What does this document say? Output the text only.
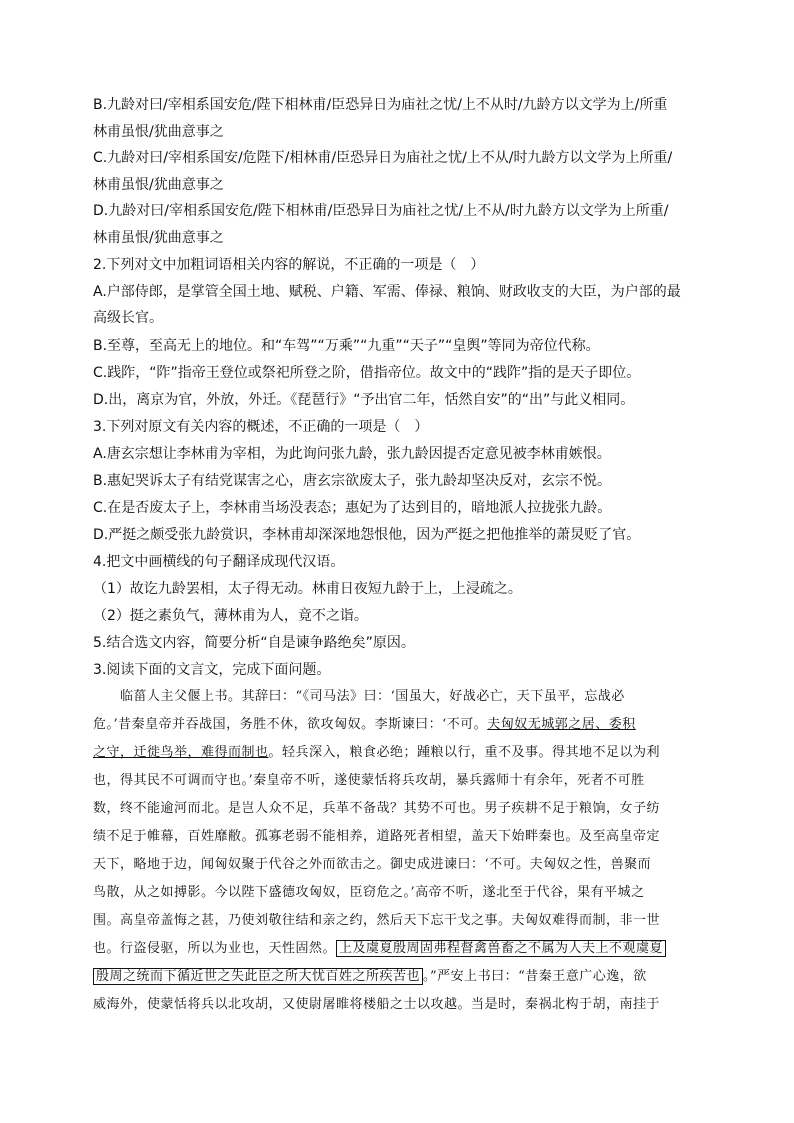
B.九龄对曰/宰相系国安危/陛下相林甫/臣恐异日为庙社之忧/上不从时/九龄方以文学为上/所重
林甫虽恨/犹曲意事之
C.九龄对曰/宰相系国安/危陛下/相林甫/臣恐异日为庙社之忧/上不从/时九龄方以文学为上所重/
林甫虽恨/犹曲意事之
D.九龄对曰/宰相系国安危/陛下相林甫/臣恐异日为庙社之忧/上不从/时九龄方以文学为上所重/
林甫虽恨/犹曲意事之
2.下列对文中加粗词语相关内容的解说，不正确的一项是（　）
A.户部侍郎，是掌管全国土地、赋税、户籍、军需、俸禄、粮饷、财政收支的大臣，为户部的最
高级长官。
B.至尊，至高无上的地位。和“车驾”“万乘”“九重”“天子”“皇舆”等同为帝位代称。
C.践阼，“阼”指帝王登位或祭祀所登之阶，借指帝位。故文中的“践阼”指的是天子即位。
D.出，离京为官，外放，外迁。《琵琶行》“予出官二年，恬然自安”的“出”与此义相同。
3.下列对原文有关内容的概述，不正确的一项是（　）
A.唐玄宗想让李林甫为宰相，为此询问张九龄，张九龄因提否定意见被李林甫嫉恨。
B.惠妃哭诉太子有结党谋害之心，唐玄宗欲废太子，张九龄却坚决反对，玄宗不悦。
C.在是否废太子上，李林甫当场没表态；惠妃为了达到目的，暗地派人拉拢张九龄。
D.严挺之颇受张九龄赏识，李林甫却深深地怨恨他，因为严挺之把他推举的萧炅贬了官。
4.把文中画横线的句子翻译成现代汉语。
（1）故讫九龄罢相，太子得无动。林甫日夜短九龄于上，上浸疏之。
（2）挺之素负气，薄林甫为人，竟不之诣。
5.结合选文内容，简要分析“自是谏争路绝矣”原因。
3.阅读下面的文言文，完成下面问题。
　　临菑人主父偃上书。其辞曰：“《司马法》曰：‘国虽大，好战必亡，天下虽平，忘战必
危。’昔秦皇帝并吞战国，务胜不休，欲攻匈奴。李斯谏曰：‘不可。夫匈奴无城郭之居、委积
之守，迁徙鸟举，难得而制也。轻兵深入，粮食必绝；踵粮以行，重不及事。得其地不足以为利
也，得其民不可调而守也。’秦皇帝不听，遂使蒙恬将兵攻胡，暴兵露师十有余年，死者不可胜
数，终不能逾河而北。是岂人众不足，兵革不备哉？其势不可也。男子疾耕不足于粮饷，女子纺
绩不足于帷幕，百姓靡敝。孤寡老弱不能相养，道路死者相望，盖天下始畔秦也。及至高皇帝定
天下，略地于边，闻匈奴聚于代谷之外而欲击之。御史成进谏曰：‘不可。夫匈奴之性，兽聚而
鸟散，从之如搏影。今以陛下盛德攻匈奴，臣窃危之。’高帝不听，遂北至于代谷，果有平城之
围。高皇帝盖悔之甚，乃使刘敬往结和亲之约，然后天下忘干戈之事。夫匈奴难得而制，非一世
也。行盗侵驱，所以为业也，天性固然。 上及虞夏殷周固弗程督禽兽畜之不属为人夫上不观虞夏
殷周之统而下循近世之失此臣之所大忧百姓之所疾苦也 。”严安上书曰：“昔秦王意广心逸，欲
威海外，使蒙恬将兵以北攻胡，又使尉屠睢将楼船之士以攻越。当是时，秦祸北构于胡，南挂于
